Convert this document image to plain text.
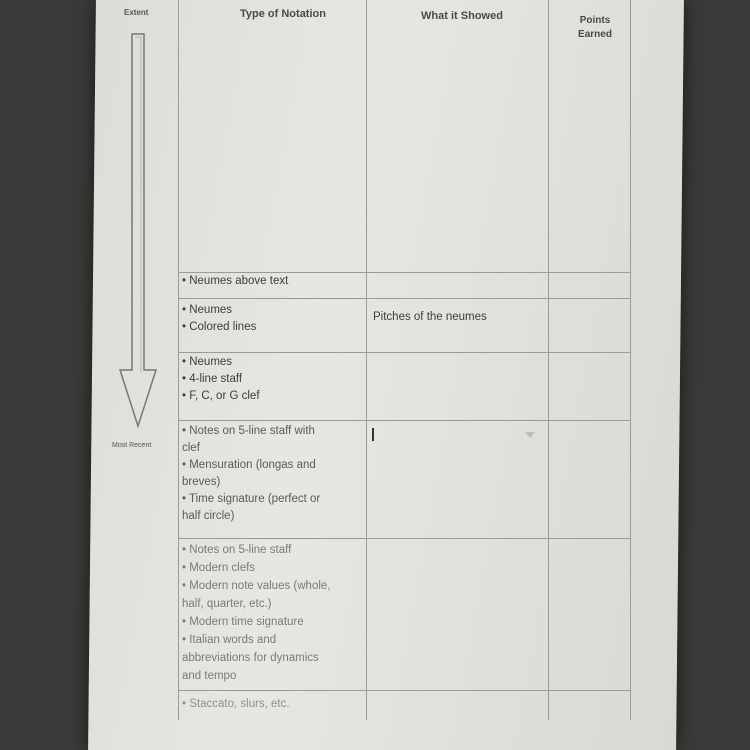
Extent
Most Recent
Type of Notation	What it Showed	Points
Earned
• Neumes above text
• Neumes
• Colored lines
Pitches of the neumes
• Neumes
• 4-line staff
• F, C, or G clef
• Notes on 5-line staff with
clef
• Mensuration (longas and
breves)
• Time signature (perfect or
half circle)
• Notes on 5-line staff
• Modern clefs
• Modern note values (whole,
half, quarter, etc.)
• Modern time signature
• Italian words and
abbreviations for dynamics
and tempo
• Staccato, slurs, etc.
